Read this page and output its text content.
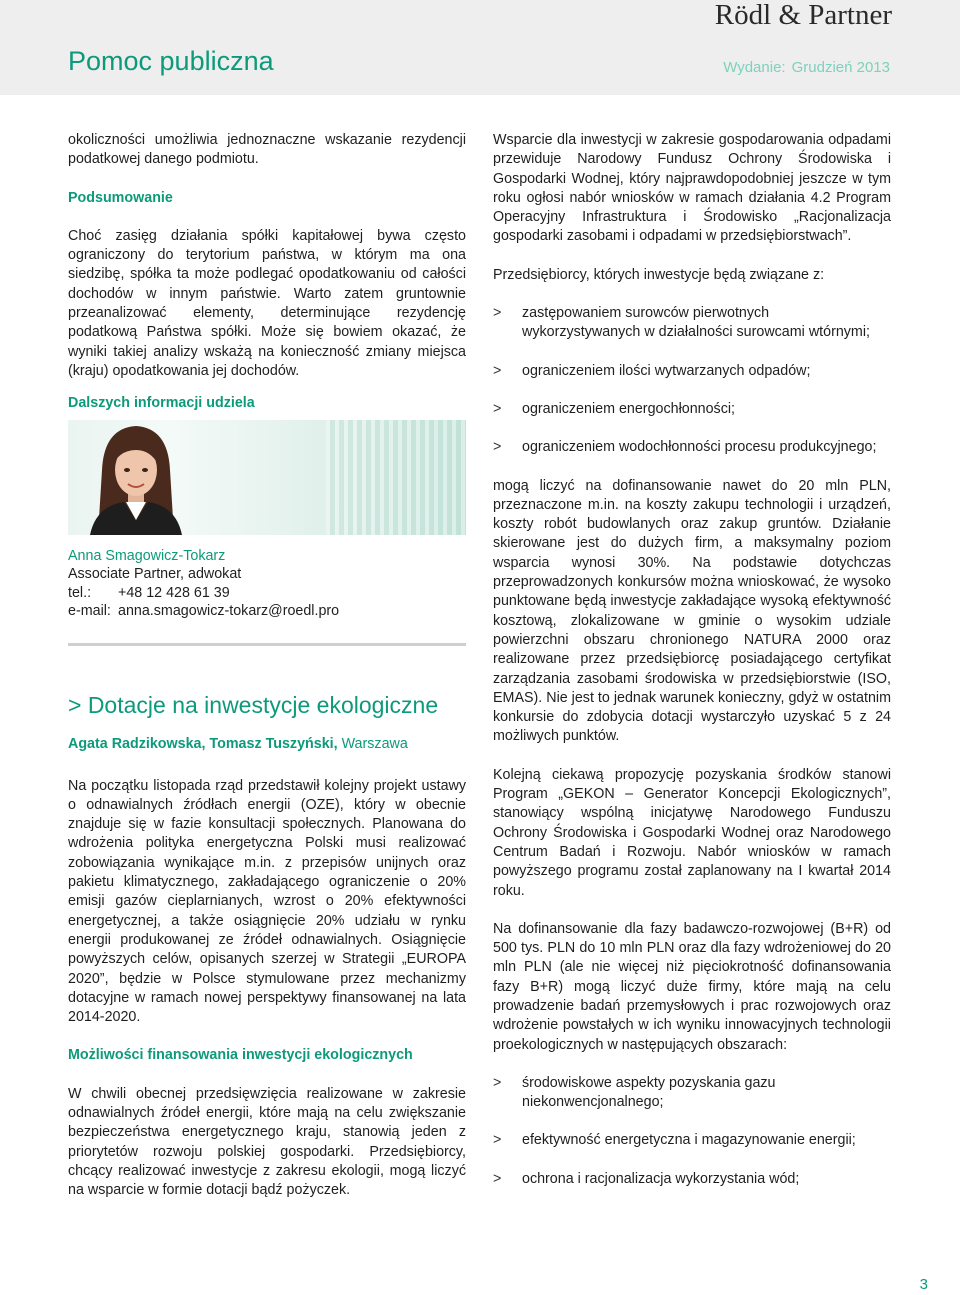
Rödl & Partner
Pomoc publiczna	Wydanie: Grudzień 2013

okoliczności umożliwia jednoznaczne wskazanie rezydencji podatkowej danego podmiotu.

Podsumowanie

Choć zasięg działania spółki kapitałowej bywa często ograniczony do terytorium państwa, w którym ma ona siedzibę, spółka ta może podlegać opodatkowaniu od całości dochodów w innym państwie. Warto zatem gruntownie przeanalizować elementy, determinujące rezydencję podatkową Państwa spółki. Może się bowiem okazać, że wyniki takiej analizy wskażą na konieczność zmiany miejsca (kraju) opodatkowania jej dochodów.

Dalszych informacji udziela

Anna Smagowicz-Tokarz

Associate Partner, adwokat

tel.: +48 12 428 61 39

e-mail: anna.smagowicz-tokarz@roedl.pro

> Dotacje na inwestycje ekologiczne

Agata Radzikowska, Tomasz Tuszyński, Warszawa

Na początku listopada rząd przedstawił kolejny projekt ustawy o odnawialnych źródłach energii (OZE), który w obecnie znajduje się w fazie konsultacji społecznych. Planowana do wdrożenia polityka energetyczna Polski musi realizować zobowiązania wynikające m.in. z przepisów unijnych oraz pakietu klimatycznego, zakładającego ograniczenie o 20% emisji gazów cieplarnianych, wzrost o 20% efektywności energetycznej, a także osiągnięcie 20% udziału w rynku energii produkowanej ze źródeł odnawialnych. Osiągnięcie powyższych celów, opisanych szerzej w Strategii „EUROPA 2020”, będzie w Polsce stymulowane przez mechanizmy dotacyjne w ramach nowej perspektywy finansowanej na lata 2014-2020.

Możliwości finansowania inwestycji ekologicznych

W chwili obecnej przedsięwzięcia realizowane w zakresie odnawialnych źródeł energii, które mają na celu zwiększanie bezpieczeństwa energetycznego kraju, stanowią jeden z priorytetów rozwoju polskiej gospodarki. Przedsiębiorcy, chcący realizować inwestycje z zakresu ekologii, mogą liczyć na wsparcie w formie dotacji bądź pożyczek.

Wsparcie dla inwestycji w zakresie gospodarowania odpadami przewiduje Narodowy Fundusz Ochrony Środowiska i Gospodarki Wodnej, który najprawdopodobniej jeszcze w tym roku ogłosi nabór wniosków w ramach działania 4.2 Program Operacyjny Infrastruktura i Środowisko „Racjonalizacja gospodarki zasobami i odpadami w przedsiębiorstwach”.

Przedsiębiorcy, których inwestycje będą związane z:

> zastępowaniem surowców pierwotnych wykorzystywanych w działalności surowcami wtórnymi;
> ograniczeniem ilości wytwarzanych odpadów;
> ograniczeniem energochłonności;
> ograniczeniem wodochłonności procesu produkcyjnego;

mogą liczyć na dofinansowanie nawet do 20 mln PLN, przeznaczone m.in. na koszty zakupu technologii i urządzeń, koszty robót budowlanych oraz zakup gruntów. Działanie skierowane jest do dużych firm, a maksymalny poziom wsparcia wynosi 30%. Na podstawie dotychczas przeprowadzonych konkursów można wnioskować, że wysoko punktowane będą inwestycje zakładające wysoką efektywność kosztową, zlokalizowane w gminie o wysokim udziale powierzchni obszaru chronionego NATURA 2000 oraz realizowane przez przedsiębiorcę posiadającego certyfikat zarządzania zasobami środowiska w przedsiębiorstwie (ISO, EMAS). Nie jest to jednak warunek konieczny, gdyż w ostatnim konkursie do zdobycia dotacji wystarczyło uzyskać 5 z 24 możliwych punktów.

Kolejną ciekawą propozycję pozyskania środków stanowi Program „GEKON – Generator Koncepcji Ekologicznych”, stanowiący wspólną inicjatywę Narodowego Funduszu Ochrony Środowiska i Gospodarki Wodnej oraz Narodowego Centrum Badań i Rozwoju. Nabór wniosków w ramach powyższego programu został zaplanowany na I kwartał 2014 roku.

Na dofinansowanie dla fazy badawczo-rozwojowej (B+R) od 500 tys. PLN do 10 mln PLN oraz dla fazy wdrożeniowej do 20 mln PLN (ale nie więcej niż pięciokrotność dofinansowania fazy B+R) mogą liczyć duże firmy, które mają na celu prowadzenie badań przemysłowych i prac rozwojowych oraz wdrożenie powstałych w ich wyniku innowacyjnych technologii proekologicznych w następujących obszarach:

> środowiskowe aspekty pozyskania gazu niekonwencjonalnego;
> efektywność energetyczna i magazynowanie energii;
> ochrona i racjonalizacja wykorzystania wód;
3
